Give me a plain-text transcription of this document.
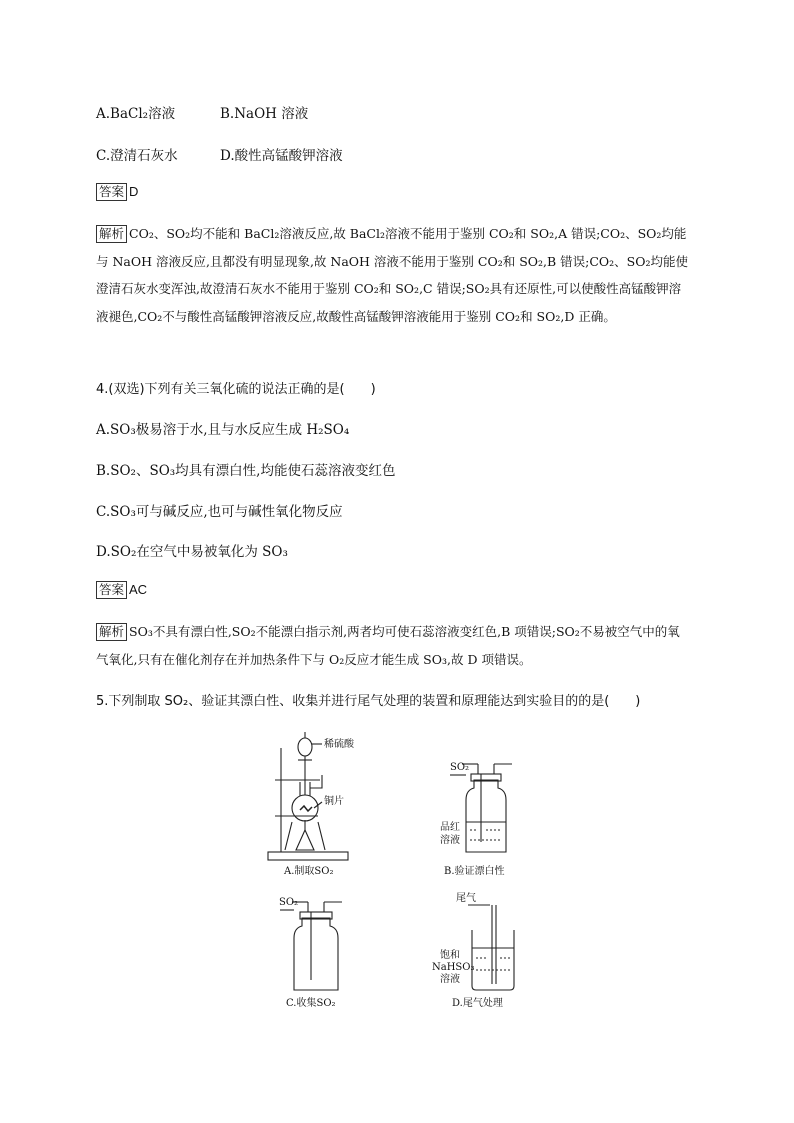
A.BaCl₂溶液	B.NaOH 溶液
C.澄清石灰水	D.酸性高锰酸钾溶液
答案 D
解析 CO₂、SO₂均不能和 BaCl₂溶液反应,故 BaCl₂溶液不能用于鉴别 CO₂和 SO₂,A 错误;CO₂、SO₂均能与 NaOH 溶液反应,且都没有明显现象,故 NaOH 溶液不能用于鉴别 CO₂和 SO₂,B 错误;CO₂、SO₂均能使澄清石灰水变浑浊,故澄清石灰水不能用于鉴别 CO₂和 SO₂,C 错误;SO₂具有还原性,可以使酸性高锰酸钾溶液褪色,CO₂不与酸性高锰酸钾溶液反应,故酸性高锰酸钾溶液能用于鉴别 CO₂和 SO₂,D 正确。
4.(双选)下列有关三氧化硫的说法正确的是(　　)
A.SO₃极易溶于水,且与水反应生成 H₂SO₄
B.SO₂、SO₃均具有漂白性,均能使石蕊溶液变红色
C.SO₃可与碱反应,也可与碱性氧化物反应
D.SO₂在空气中易被氧化为 SO₃
答案 AC
解析 SO₃不具有漂白性,SO₂不能漂白指示剂,两者均可使石蕊溶液变红色,B 项错误;SO₂不易被空气中的氧气氧化,只有在催化剂存在并加热条件下与 O₂反应才能生成 SO₃,故 D 项错误。
5.下列制取 SO₂、验证其漂白性、收集并进行尾气处理的装置和原理能达到实验目的的是(　　)
稀硫酸
铜片
A.制取SO₂
SO₂
品红
溶液
B.验证漂白性
SO₂
C.收集SO₂
尾气
饱和
NaHSO₃
溶液
D.尾气处理
